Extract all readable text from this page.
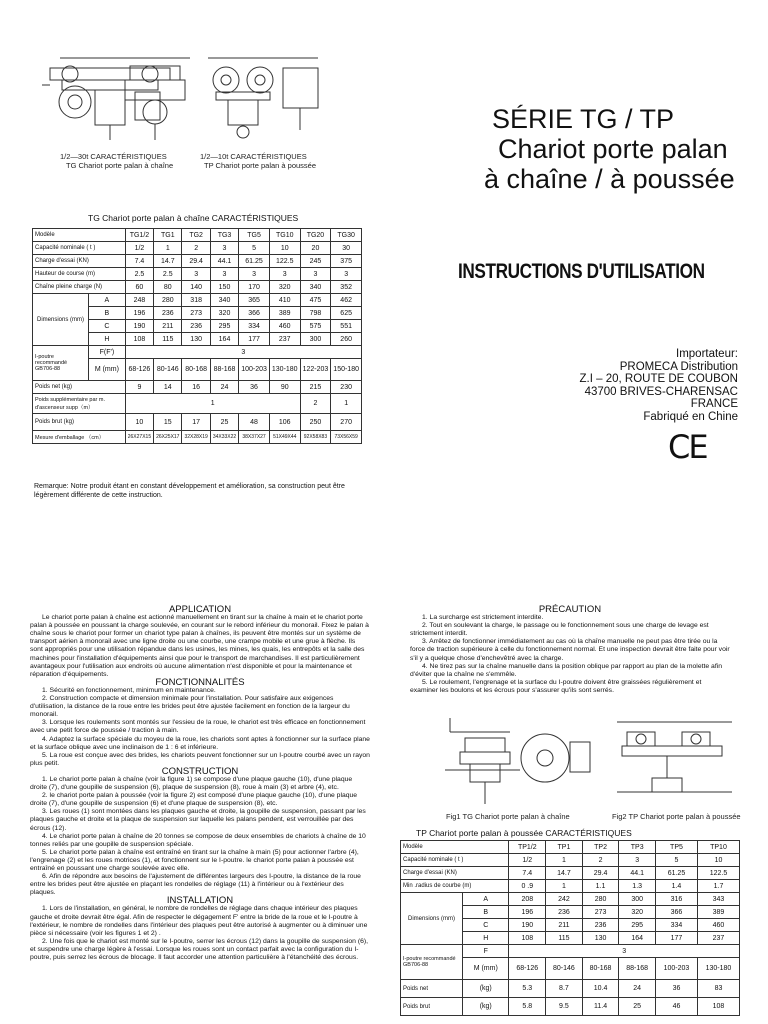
1/2—30t CARACTÉRISTIQUES
TG Chariot porte palan à chaîne
1/2—10t CARACTÉRISTIQUES
TP Chariot porte palan à poussée
SÉRIE TG / TP
Chariot porte palan
à chaîne / à poussée
INSTRUCTIONS D'UTILISATION
Importateur:
PROMECA Distribution
Z.I – 20, ROUTE DE COUBON
43700 BRIVES-CHARENSAC
FRANCE
Fabriqué en Chine
CE
TG Chariot porte palan à chaîne CARACTÉRISTIQUES
Modèle		TG1/2	TG1	TG2	TG3	TG5	TG10	TG20	TG30
Capacité nominale ( t )		1/2	1	2	3	5	10	20	30
Charge d'essai (KN)		7.4	14.7	29.4	44.1	61.25	122.5	245	375
Hauteur de course (m)		2.5	2.5	3	3	3	3	3	3
Chaîne pleine charge (N)		60	80	140	150	170	320	340	352
Dimensions (mm)	A	248	280	318	340	365	410	475	462
	B	196	236	273	320	366	389	798	625
	C	190	211	236	295	334	460	575	551
	H	108	115	130	164	177	237	300	260
I-poutre recommandé GB706-88	F(F')	3							
	M (mm)	68-126	80-146	80-168	88-168	100-203	130-180	122-203	150-180
Poids net (kg)		9	14	16	24	36	90	215	230
Poids supplémentaire par m. d'ascenseur supp（m）		1						2	1
Poids brut (kg)		10	15	17	25	48	106	250	270
Mesure d'emballage （cm）		26X27X15	26X25X17	32X28X19	34X33X22	38X37X27	51X49X44	92X58X83	73X56X59
Remarque: Notre produit étant en constant développement et amélioration, sa construction peut être légèrement différente de cette instruction.
APPLICATION

Le chariot porte palan à chaîne est actionné manuellement en tirant sur la chaîne à main et le chariot porte palan à poussée en poussant la charge soulevée, en courant sur le rebord inférieur du monorail. Fixez le palan à chaîne sous le chariot pour former un chariot type palan à chaînes, ils peuvent être montés sur un système de transport aérien à monorail avec une ligne droite ou une courbe, une crampe mobile et une grue à flèche. Ils sont appropriés pour une utilisation répandue dans les usines, les mines, les quais, les entrepôts et la salle des machines pour l'installation d'équipements ainsi que pour le transport de marchandises. Il est particulièrement avantageux pour l'utilisation aux endroits où aucune alimentation n'est disponible et pour la maintenance et réparation d'équipements.

FONCTIONNALITÉS

1. Sécurité en fonctionnement, minimum en maintenance.

2. Construction compacte et dimension minimale pour l'installation. Pour satisfaire aux exigences d'utilisation, la distance de la roue entre les brides peut être ajustée facilement en fonction de la largeur du monorail.

3. Lorsque les roulements sont montés sur l'essieu de la roue, le chariot est très efficace en fonctionnement avec une petit force de poussée / traction à main.

4. Adaptez la surface spéciale du moyeu de la roue, les chariots sont aptes à fonctionner sur la surface plane et la surface oblique avec une inclinaison de 1 : 6 et inférieure.

5. La roue est conçue avec des brides, les chariots peuvent fonctionner sur un I-poutre courbé avec un rayon plus petit.

CONSTRUCTION

1. Le chariot porte palan à chaîne (voir la figure 1) se compose d'une plaque gauche (10), d'une plaque droite (7), d'une goupille de suspension (6), plaque de suspension (8), roue à main (3) et arbre (4), etc.

2. le chariot porte palan à poussée (voir la figure 2) est composé d'une plaque gauche (10), d'une plaque droite (7), d'une goupille de suspension (6) et d'une plaque de suspension (8), etc.

3. Les roues (1) sont montées dans les plaques gauche et droite, la goupille de suspension, passant par les plaques gauche et droite et la plaque de suspension sur laquelle les palans pendent, est verrouillée par des écrous (12).

4. Le chariot porte palan à chaîne de 20 tonnes se compose de deux ensembles de chariots à chaîne de 10 tonnes reliés par une goupille de suspension spéciale.

5. Le chariot porte palan à chaîne est entraîné en tirant sur la chaîne à main (5) pour actionner l'arbre (4), l'engrenage (2) et les roues motrices (1), et fonctionnent sur le I-poutre. le chariot porte palan à poussée est entraîné en poussant une charge soulevée avec elle.

6. Afin de répondre aux besoins de l'ajustement de différentes largeurs des I-poutre, la distance de la roue entre les brides peut être ajustée en plaçant les rondelles de réglage (11) à l'intérieur ou à l'extérieur des plaques.

INSTALLATION

1. Lors de l'installation, en général, le nombre de rondelles de réglage dans chaque intérieur des plaques gauche et droite devrait être égal. Afin de respecter le dégagement F' entre la bride de la roue et le I-poutre à l'extérieur, le nombre de rondelles dans l'intérieur des plaques peut être autorisé à augmenter ou à diminuer une pièce si nécessaire (voir les figures 1 et 2) .

2. Une fois que le chariot est monté sur le I-poutre, serrer les écrous (12) dans la goupille de suspension (6), et suspendre une charge légère à l'essai. Lorsque les roues sont un contact parfait avec la configuration du I-poutre, puis serrez les écrous de blocage. Il faut accorder une attention particulière à l'étanchéité des écrous.

PRÉCAUTION

1. La surcharge est strictement interdite.

2. Tout en soulevant la charge, le passage ou le fonctionnement sous une charge de levage est strictement interdit.

3. Arrêtez de fonctionner immédiatement au cas où la chaîne manuelle ne peut pas être tirée ou la force de traction supérieure à celle du fonctionnement normal. Et une inspection devrait être faite pour voir s'il y a quelque chose d'enchevêtré avec la charge.

4. Ne tirez pas sur la chaîne manuelle dans la position oblique par rapport au plan de la molette afin d'éviter que la chaîne ne s'emmêle.

5. Le roulement, l'engrenage et la surface du I-poutre doivent être graissées régulièrement et examiner les boulons et les écrous pour s'assurer qu'ils sont serrés.

Fig1 TG Chariot porte palan à chaîne	Fig2 TP Chariot porte palan à poussée
TP Chariot porte palan à poussée CARACTÉRISTIQUES
Modèle		TP1/2	TP1	TP2	TP3	TP5	TP10
Capacité nominale ( t )		1/2	1	2	3	5	10
Charge d'essai (KN)		7.4	14.7	29.4	44.1	61.25	122.5
Min .radius de courbe (m)		0 .9	1	1.1	1.3	1.4	1.7
Dimensions (mm)	A	208	242	280	300	316	343
	B	196	236	273	320	366	389
	C	190	211	236	295	334	460
	H	108	115	130	164	177	237
I-poutre recommandé GB706-88	F	3					
	M (mm)	68-126	80-146	80-168	88-168	100-203	130-180
Poids net	(kg)	5.3	8.7	10.4	24	36	83
Poids brut	(kg)	5.8	9.5	11.4	25	46	108
